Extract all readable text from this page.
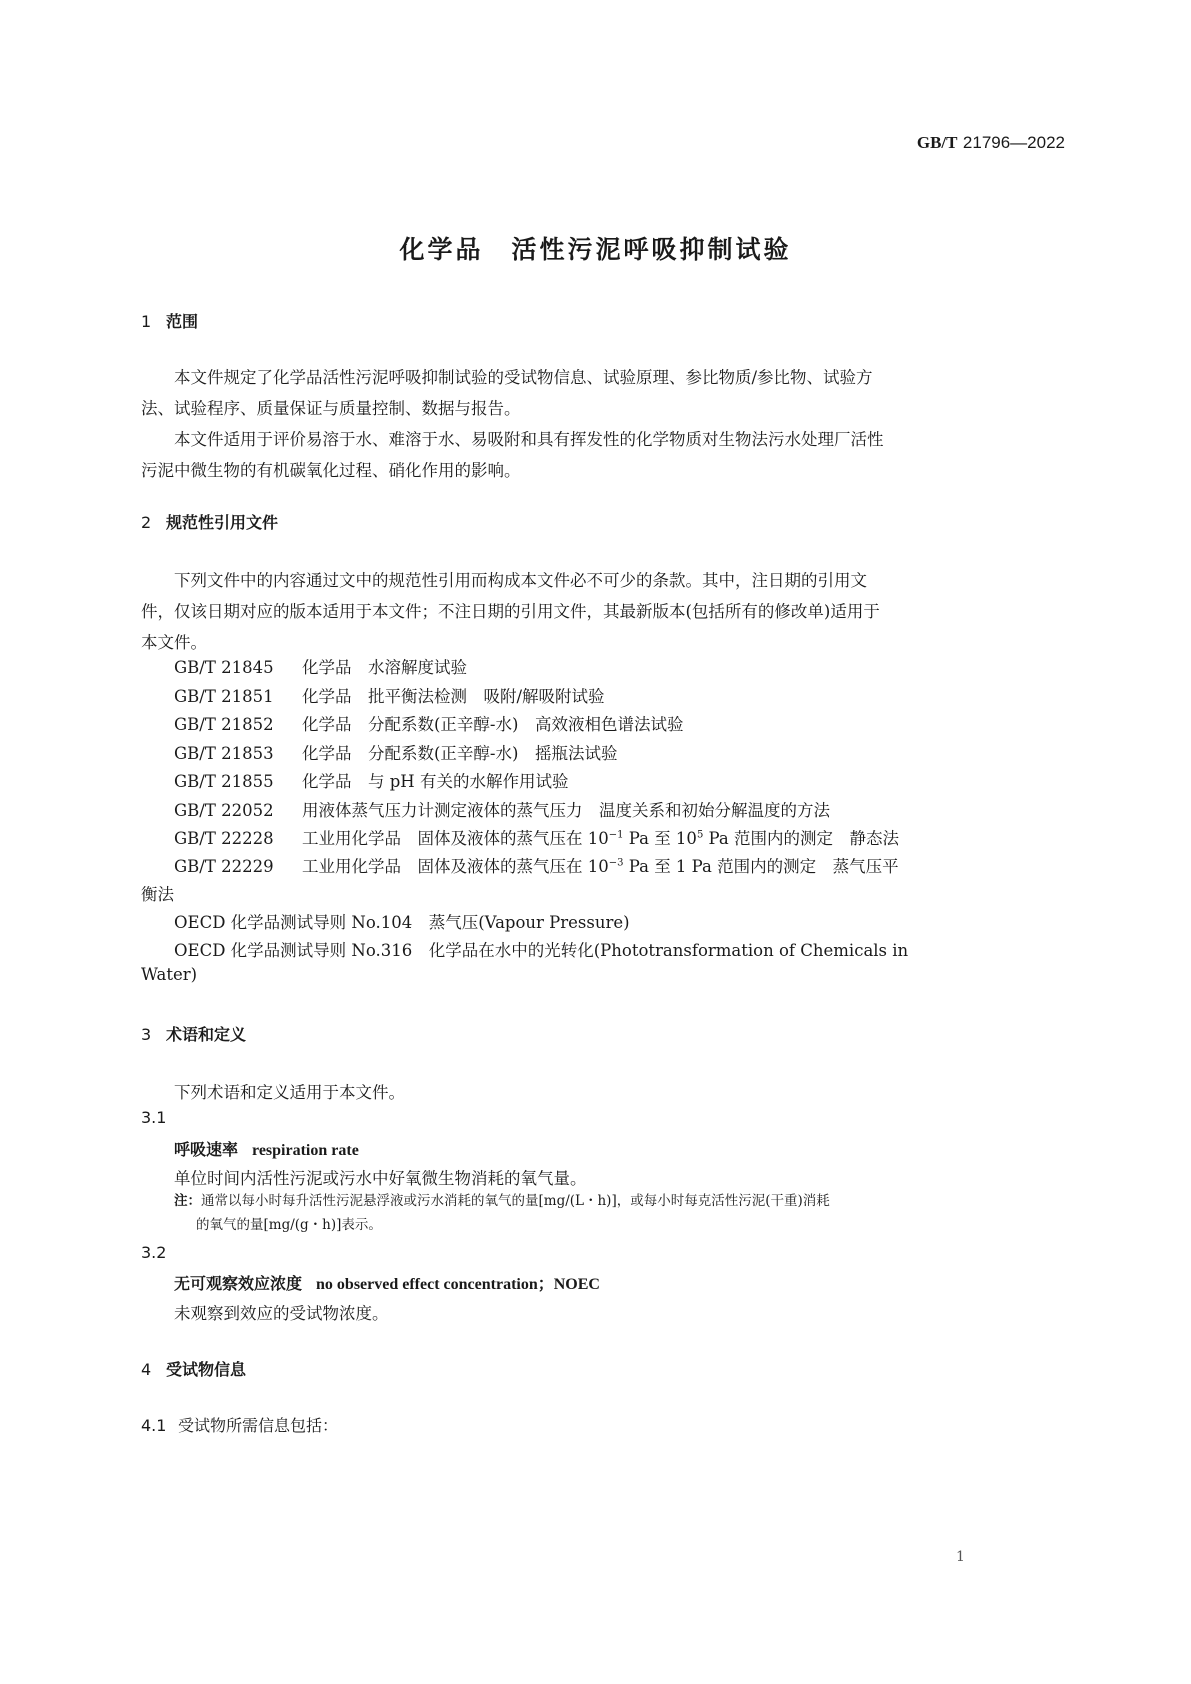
GB/T 21796—2022
化学品　活性污泥呼吸抑制试验
1 范围
本文件规定了化学品活性污泥呼吸抑制试验的受试物信息、试验原理、参比物质/参比物、试验方
法、试验程序、质量保证与质量控制、数据与报告。
本文件适用于评价易溶于水、难溶于水、易吸附和具有挥发性的化学物质对生物法污水处理厂活性
污泥中微生物的有机碳氧化过程、硝化作用的影响。
2 规范性引用文件
下列文件中的内容通过文中的规范性引用而构成本文件必不可少的条款。其中，注日期的引用文
件，仅该日期对应的版本适用于本文件；不注日期的引用文件，其最新版本(包括所有的修改单)适用于
本文件。
GB/T 21845 化学品　水溶解度试验
GB/T 21851 化学品　批平衡法检测　吸附/解吸附试验
GB/T 21852 化学品　分配系数(正辛醇-水)　高效液相色谱法试验
GB/T 21853 化学品　分配系数(正辛醇-水)　摇瓶法试验
GB/T 21855 化学品　与 pH 有关的水解作用试验
GB/T 22052 用液体蒸气压力计测定液体的蒸气压力　温度关系和初始分解温度的方法
GB/T 22228 工业用化学品　固体及液体的蒸气压在 $10^{-1}$ Pa 至 $10^5$ Pa 范围内的测定　静态法
GB/T 22229 工业用化学品　固体及液体的蒸气压在 $10^{-3}$ Pa 至 1 Pa 范围内的测定　蒸气压平
衡法
OECD 化学品测试导则 No.104　蒸气压(Vapour Pressure)
OECD 化学品测试导则 No.316　化学品在水中的光转化(Phototransformation of Chemicals in
Water)
3 术语和定义
下列术语和定义适用于本文件。
3.1
呼吸速率 respiration rate
单位时间内活性污泥或污水中好氧微生物消耗的氧气量。
注：通常以每小时每升活性污泥悬浮液或污水消耗的氧气的量[mg/(L・h)]，或每小时每克活性污泥(干重)消耗
的氧气的量[mg/(g・h)]表示。
3.2
无可观察效应浓度 no observed effect concentration；NOEC
未观察到效应的受试物浓度。
4 受试物信息
4.1 受试物所需信息包括：
1
